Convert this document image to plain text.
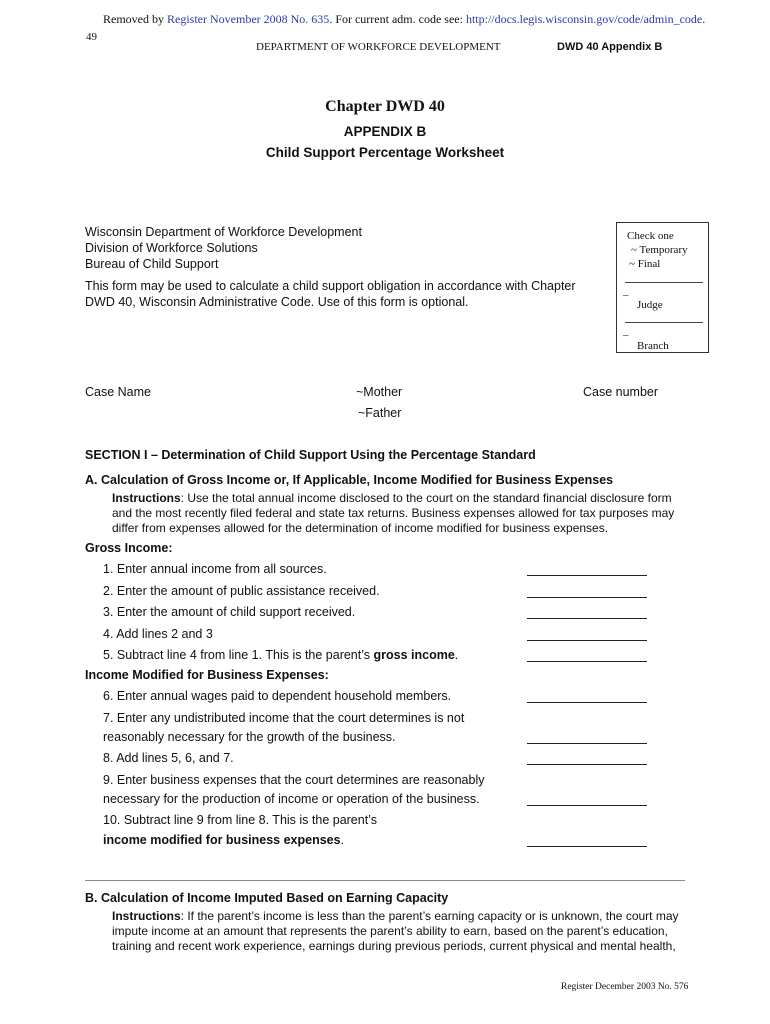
Removed by Register November 2008 No. 635. For current adm. code see: http://docs.legis.wisconsin.gov/code/admin_code.
49
DEPARTMENT OF WORKFORCE DEVELOPMENT	DWD 40 Appendix B
Chapter DWD 40
APPENDIX B
Child Support Percentage Worksheet
Wisconsin Department of Workforce Development
Division of Workforce Solutions
Bureau of Child Support
This form may be used to calculate a child support obligation in accordance with Chapter
DWD 40, Wisconsin Administrative Code. Use of this form is optional.
Check one
~ Temporary
~ Final
_
Judge
_
Branch
Case Name	~Mother
~Father
Case number
SECTION I – Determination of Child Support Using the Percentage Standard
A. Calculation of Gross Income or, If Applicable, Income Modified for Business Expenses
Instructions: Use the total annual income disclosed to the court on the standard financial disclosure form
and the most recently filed federal and state tax returns. Business expenses allowed for tax purposes may
differ from expenses allowed for the determination of income modified for business expenses.
Gross Income:
1. Enter annual income from all sources.
2. Enter the amount of public assistance received.
3. Enter the amount of child support received.
4. Add lines 2 and 3
5. Subtract line 4 from line 1. This is the parent’s gross income.
Income Modified for Business Expenses:
6. Enter annual wages paid to dependent household members.
7. Enter any undistributed income that the court determines is not
reasonably necessary for the growth of the business.
8. Add lines 5, 6, and 7.
9. Enter business expenses that the court determines are reasonably
necessary for the production of income or operation of the business.
10. Subtract line 9 from line 8. This is the parent’s
income modified for business expenses.
B. Calculation of Income Imputed Based on Earning Capacity
Instructions: If the parent’s income is less than the parent’s earning capacity or is unknown, the court may
impute income at an amount that represents the parent’s ability to earn, based on the parent’s education,
training and recent work experience, earnings during previous periods, current physical and mental health,
Register December 2003 No. 576
